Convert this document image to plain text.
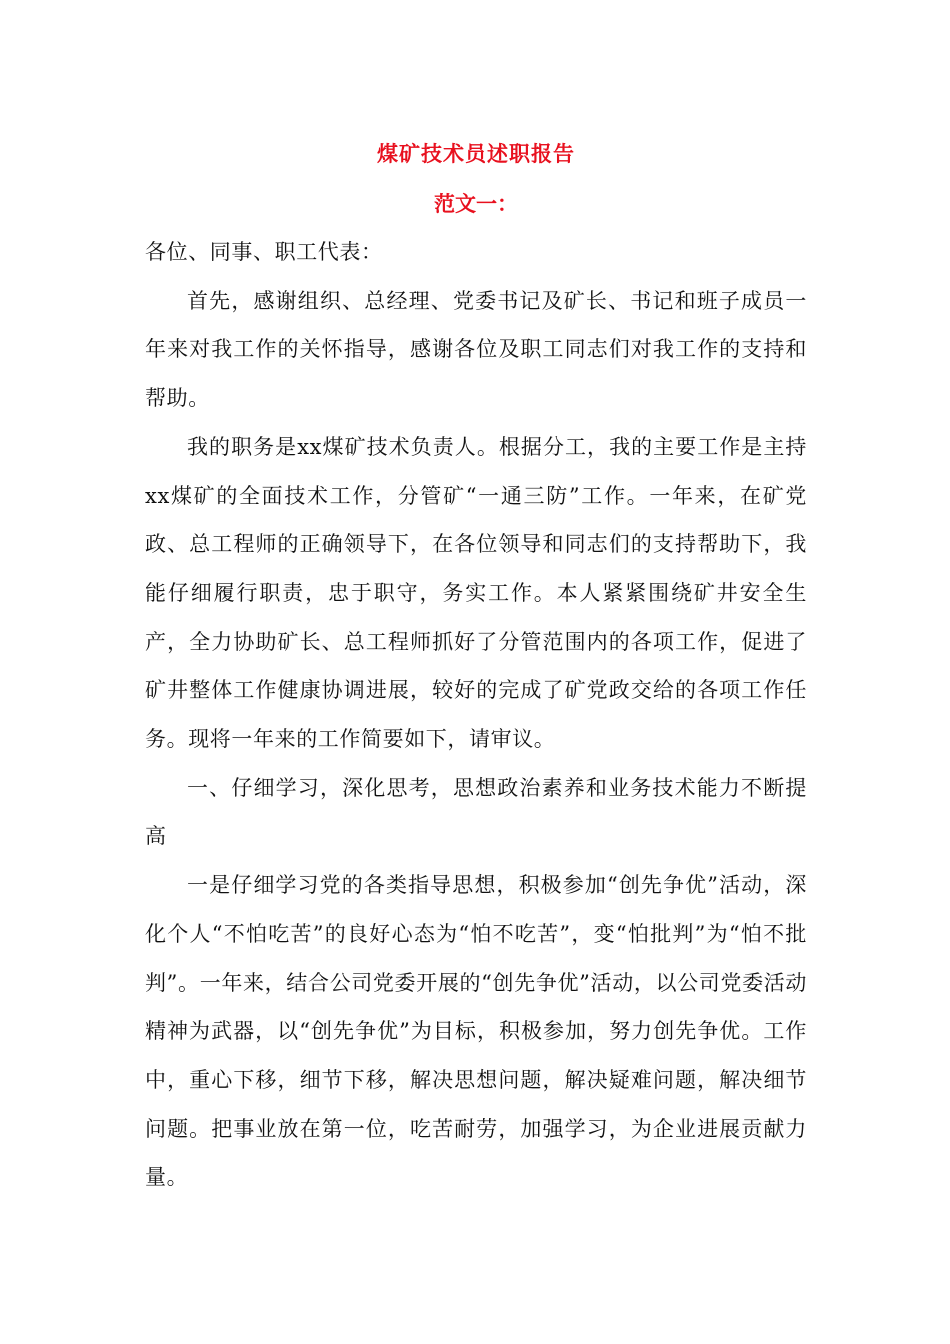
煤矿技术员述职报告
范文一：

各位、同事、职工代表：

首先，感谢组织、总经理、党委书记及矿长、书记和班子成员一年来对我工作的关怀指导，感谢各位及职工同志们对我工作的支持和帮助。

我的职务是xx煤矿技术负责人。根据分工，我的主要工作是主持xx煤矿的全面技术工作，分管矿“一通三防”工作。一年来，在矿党政、总工程师的正确领导下，在各位领导和同志们的支持帮助下，我能仔细履行职责，忠于职守，务实工作。本人紧紧围绕矿井安全生产，全力协助矿长、总工程师抓好了分管范围内的各项工作，促进了矿井整体工作健康协调进展，较好的完成了矿党政交给的各项工作任务。现将一年来的工作简要如下，请审议。

一、仔细学习，深化思考，思想政治素养和业务技术能力不断提高

一是仔细学习党的各类指导思想，积极参加“创先争优”活动，深化个人“不怕吃苦”的良好心态为“怕不吃苦”，变“怕批判”为“怕不批判”。一年来，结合公司党委开展的“创先争优”活动，以公司党委活动精神为武器，以“创先争优”为目标，积极参加，努力创先争优。工作中，重心下移，细节下移，解决思想问题，解决疑难问题，解决细节问题。把事业放在第一位，吃苦耐劳，加强学习，为企业进展贡献力量。
